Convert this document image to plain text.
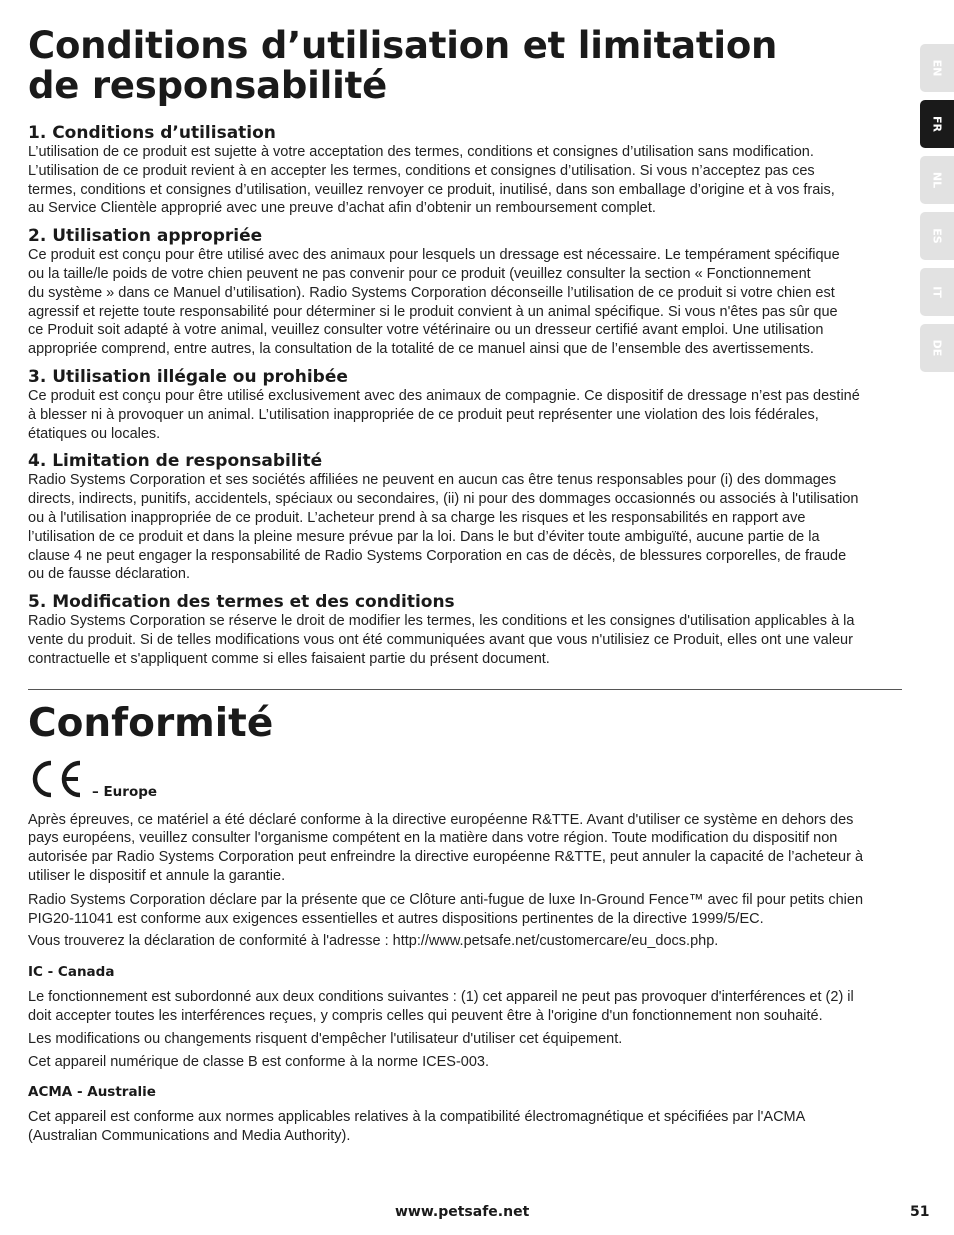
Conditions d’utilisation et limitation
de responsabilité
1. Conditions d’utilisation

L’utilisation de ce produit est sujette à votre acceptation des termes, conditions et consignes d’utilisation sans modification.
L’utilisation de ce produit revient à en accepter les termes, conditions et consignes d’utilisation. Si vous n’acceptez pas ces
termes, conditions et consignes d’utilisation, veuillez renvoyer ce produit, inutilisé, dans son emballage d’origine et à vos frais,
au Service Clientèle approprié avec une preuve d’achat afin d’obtenir un remboursement complet.

2. Utilisation appropriée

Ce produit est conçu pour être utilisé avec des animaux pour lesquels un dressage est nécessaire. Le tempérament spécifique
ou la taille/le poids de votre chien peuvent ne pas convenir pour ce produit (veuillez consulter la section « Fonctionnement
du système » dans ce Manuel d’utilisation). Radio Systems Corporation déconseille l’utilisation de ce produit si votre chien est
agressif et rejette toute responsabilité pour déterminer si le produit convient à un animal spécifique. Si vous n'êtes pas sûr que
ce Produit soit adapté à votre animal, veuillez consulter votre vétérinaire ou un dresseur certifié avant emploi. Une utilisation
appropriée comprend, entre autres, la consultation de la totalité de ce manuel ainsi que de l’ensemble des avertissements.

3. Utilisation illégale ou prohibée

Ce produit est conçu pour être utilisé exclusivement avec des animaux de compagnie. Ce dispositif de dressage n’est pas destiné
à blesser ni à provoquer un animal. L’utilisation inappropriée de ce produit peut représenter une violation des lois fédérales,
étatiques ou locales.

4. Limitation de responsabilité

Radio Systems Corporation et ses sociétés affiliées ne peuvent en aucun cas être tenus responsables pour (i) des dommages
directs, indirects, punitifs, accidentels, spéciaux ou secondaires, (ii) ni pour des dommages occasionnés ou associés à l'utilisation
ou à l'utilisation inappropriée de ce produit. L’acheteur prend à sa charge les risques et les responsabilités en rapport ave
l’utilisation de ce produit et dans la pleine mesure prévue par la loi. Dans le but d’éviter toute ambiguïté, aucune partie de la
clause 4 ne peut engager la responsabilité de Radio Systems Corporation en cas de décès, de blessures corporelles, de fraude
ou de fausse déclaration.

5. Modification des termes et des conditions

Radio Systems Corporation se réserve le droit de modifier les termes, les conditions et les consignes d'utilisation applicables à la
vente du produit. Si de telles modifications vous ont été communiquées avant que vous n'utilisiez ce Produit, elles ont une valeur
contractuelle et s'appliquent comme si elles faisaient partie du présent document.

Conformité
– Europe

Après épreuves, ce matériel a été déclaré conforme à la directive européenne R&TTE. Avant d'utiliser ce système en dehors des
pays européens, veuillez consulter l'organisme compétent en la matière dans votre région. Toute modification du dispositif non
autorisée par Radio Systems Corporation peut enfreindre la directive européenne R&TTE, peut annuler la capacité de l’acheteur à
utiliser le dispositif et annule la garantie.

Radio Systems Corporation déclare par la présente que ce Clôture anti-fugue de luxe In-Ground Fence™ avec fil pour petits chien
PIG20-11041 est conforme aux exigences essentielles et autres dispositions pertinentes de la directive 1999/5/EC.

Vous trouverez la déclaration de conformité à l'adresse : http://www.petsafe.net/customercare/eu_docs.php.

IC - Canada

Le fonctionnement est subordonné aux deux conditions suivantes : (1) cet appareil ne peut pas provoquer d'interférences et (2) il
doit accepter toutes les interférences reçues, y compris celles qui peuvent être à l'origine d'un fonctionnement non souhaité.

Les modifications ou changements risquent d'empêcher l'utilisateur d'utiliser cet équipement.

Cet appareil numérique de classe B est conforme à la norme ICES-003.

ACMA - Australie

Cet appareil est conforme aux normes applicables relatives à la compatibilité électromagnétique et spécifiées par l'ACMA
(Australian Communications and Media Authority).

EN
FR
NL
ES
IT
DE
www.petsafe.net	51
